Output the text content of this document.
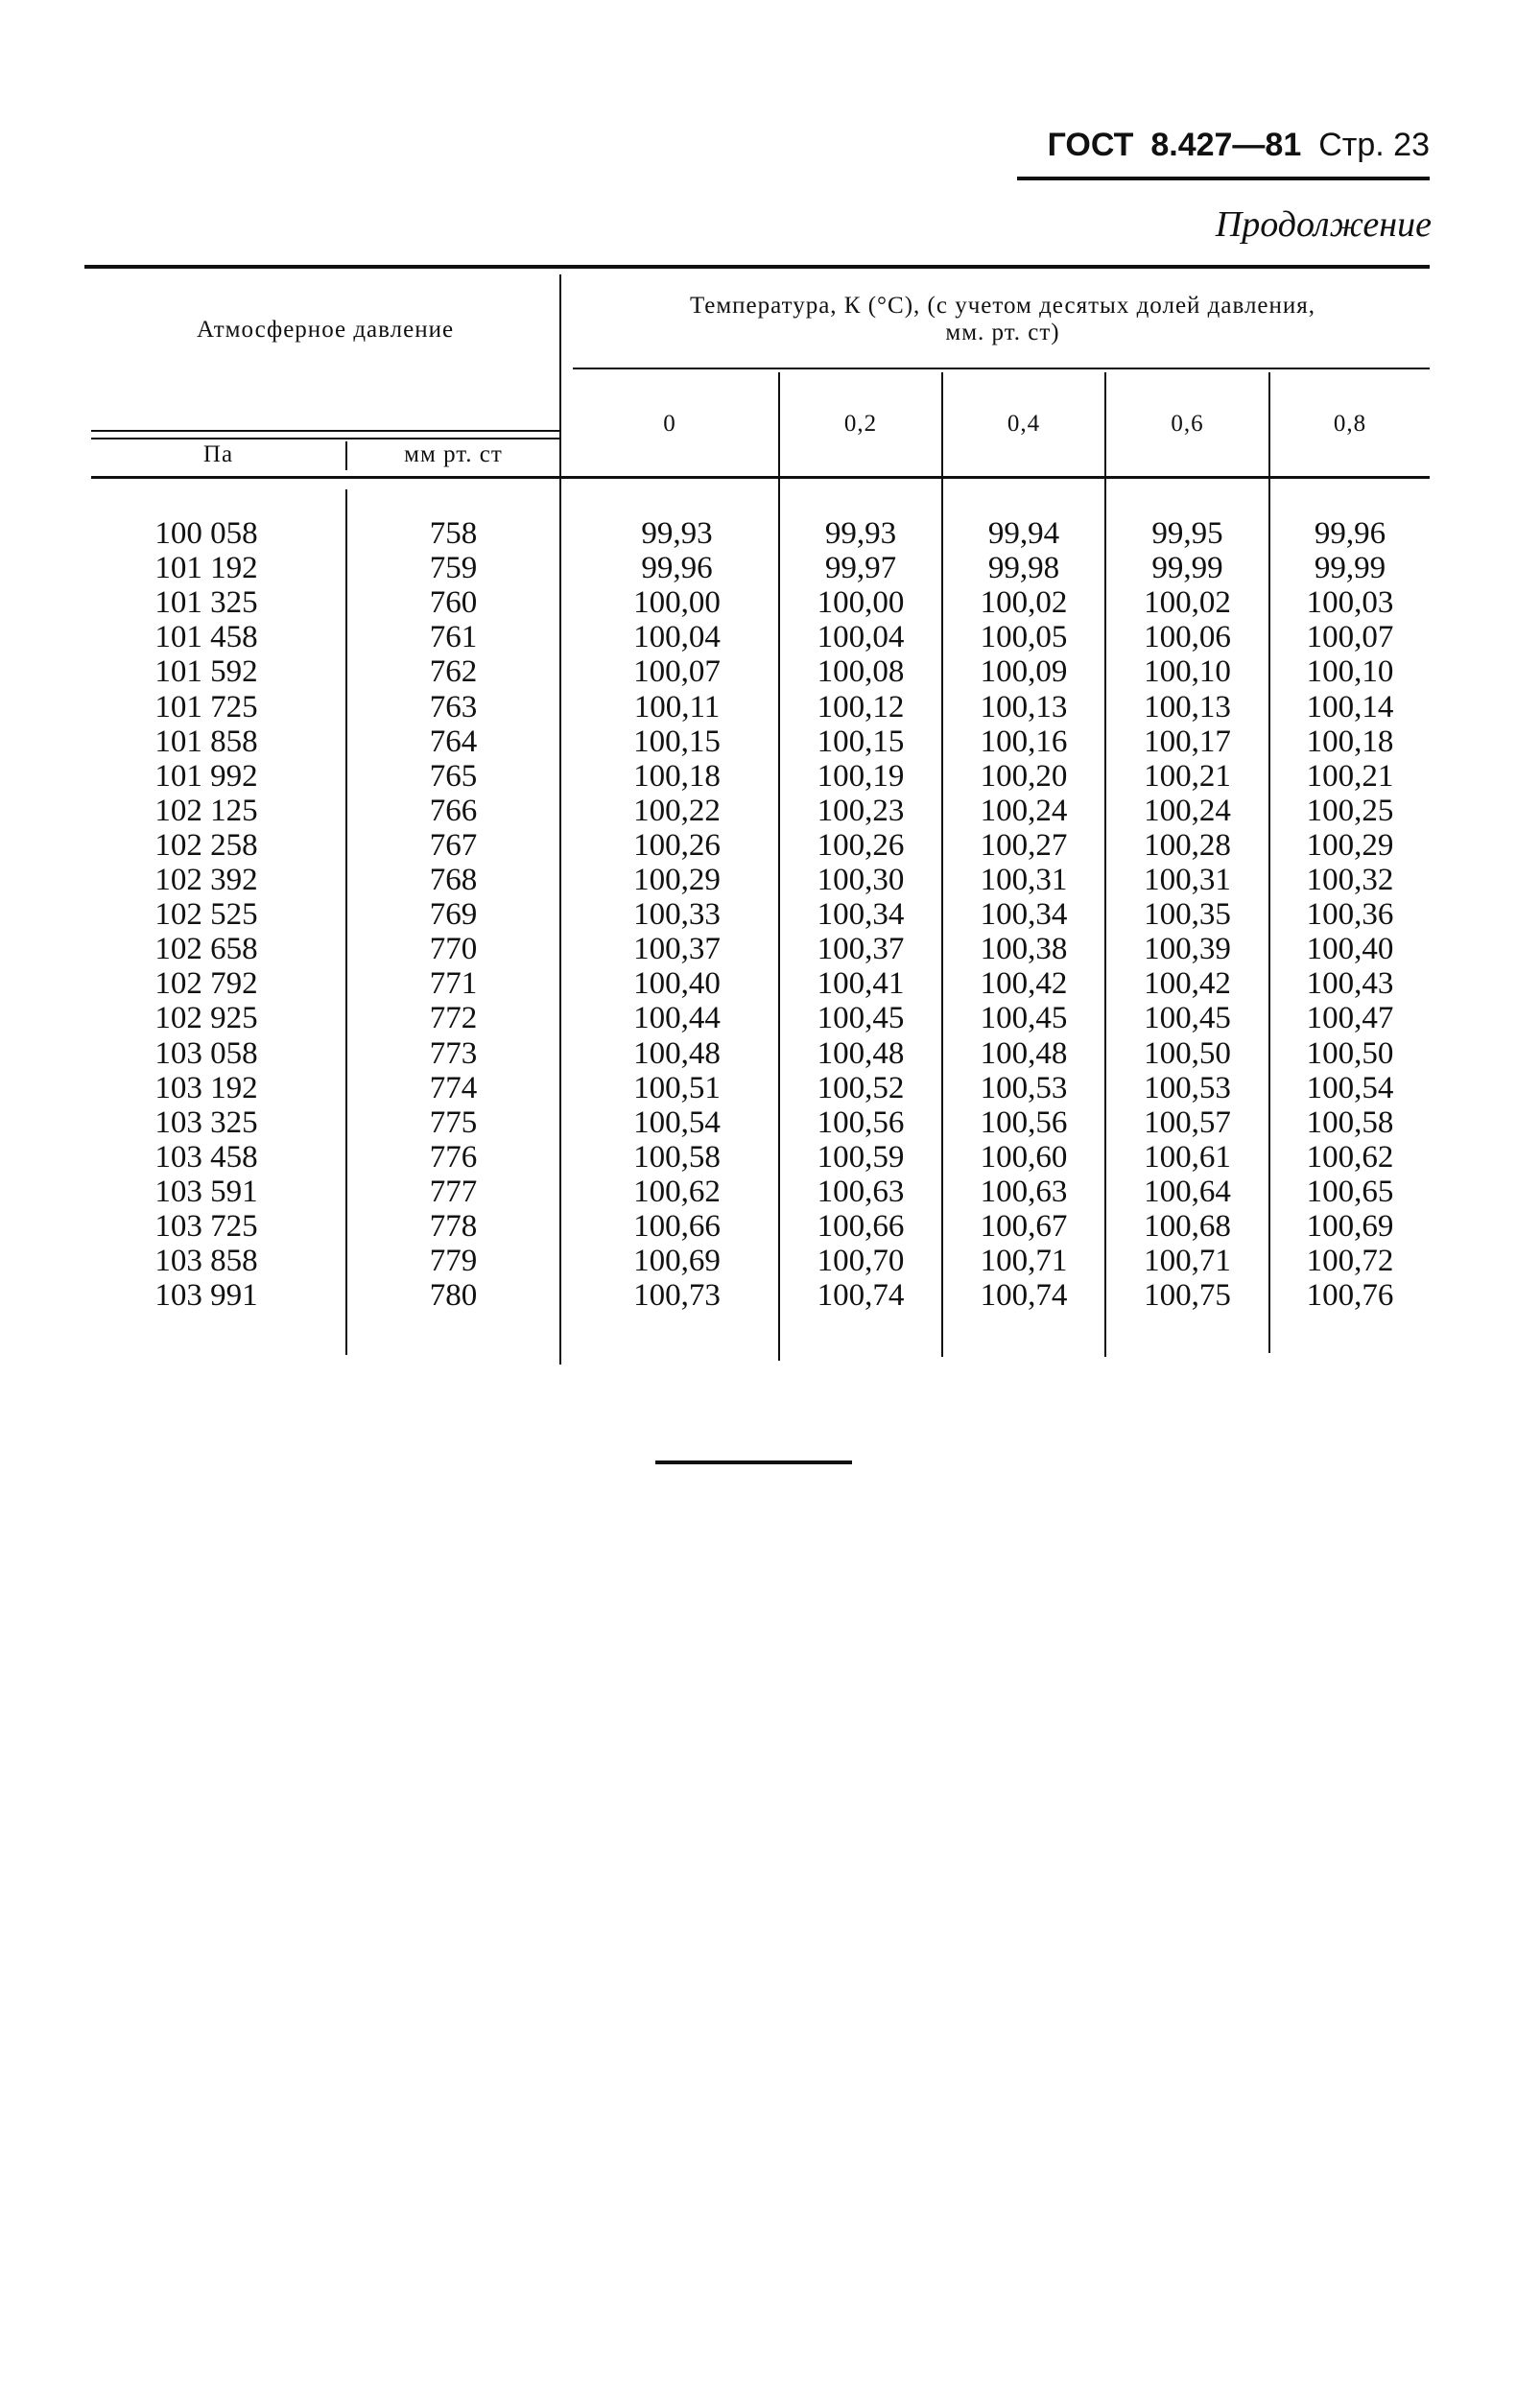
ГОСТ 8.427—81 Стр. 23
Продолжение
Атмосферное давление
Температура, К (°С), (с учетом десятых долей давления,
мм. рт. ст)
Па	мм рт. ст
0	0,2	0,4	0,6	0,8
100 058	758	99,93	99,93	99,94	99,95	99,96
101 192	759	99,96	99,97	99,98	99,99	99,99
101 325	760	100,00	100,00	100,02	100,02	100,03
101 458	761	100,04	100,04	100,05	100,06	100,07
101 592	762	100,07	100,08	100,09	100,10	100,10
101 725	763	100,11	100,12	100,13	100,13	100,14
101 858	764	100,15	100,15	100,16	100,17	100,18
101 992	765	100,18	100,19	100,20	100,21	100,21
102 125	766	100,22	100,23	100,24	100,24	100,25
102 258	767	100,26	100,26	100,27	100,28	100,29
102 392	768	100,29	100,30	100,31	100,31	100,32
102 525	769	100,33	100,34	100,34	100,35	100,36
102 658	770	100,37	100,37	100,38	100,39	100,40
102 792	771	100,40	100,41	100,42	100,42	100,43
102 925	772	100,44	100,45	100,45	100,45	100,47
103 058	773	100,48	100,48	100,48	100,50	100,50
103 192	774	100,51	100,52	100,53	100,53	100,54
103 325	775	100,54	100,56	100,56	100,57	100,58
103 458	776	100,58	100,59	100,60	100,61	100,62
103 591	777	100,62	100,63	100,63	100,64	100,65
103 725	778	100,66	100,66	100,67	100,68	100,69
103 858	779	100,69	100,70	100,71	100,71	100,72
103 991	780	100,73	100,74	100,74	100,75	100,76
